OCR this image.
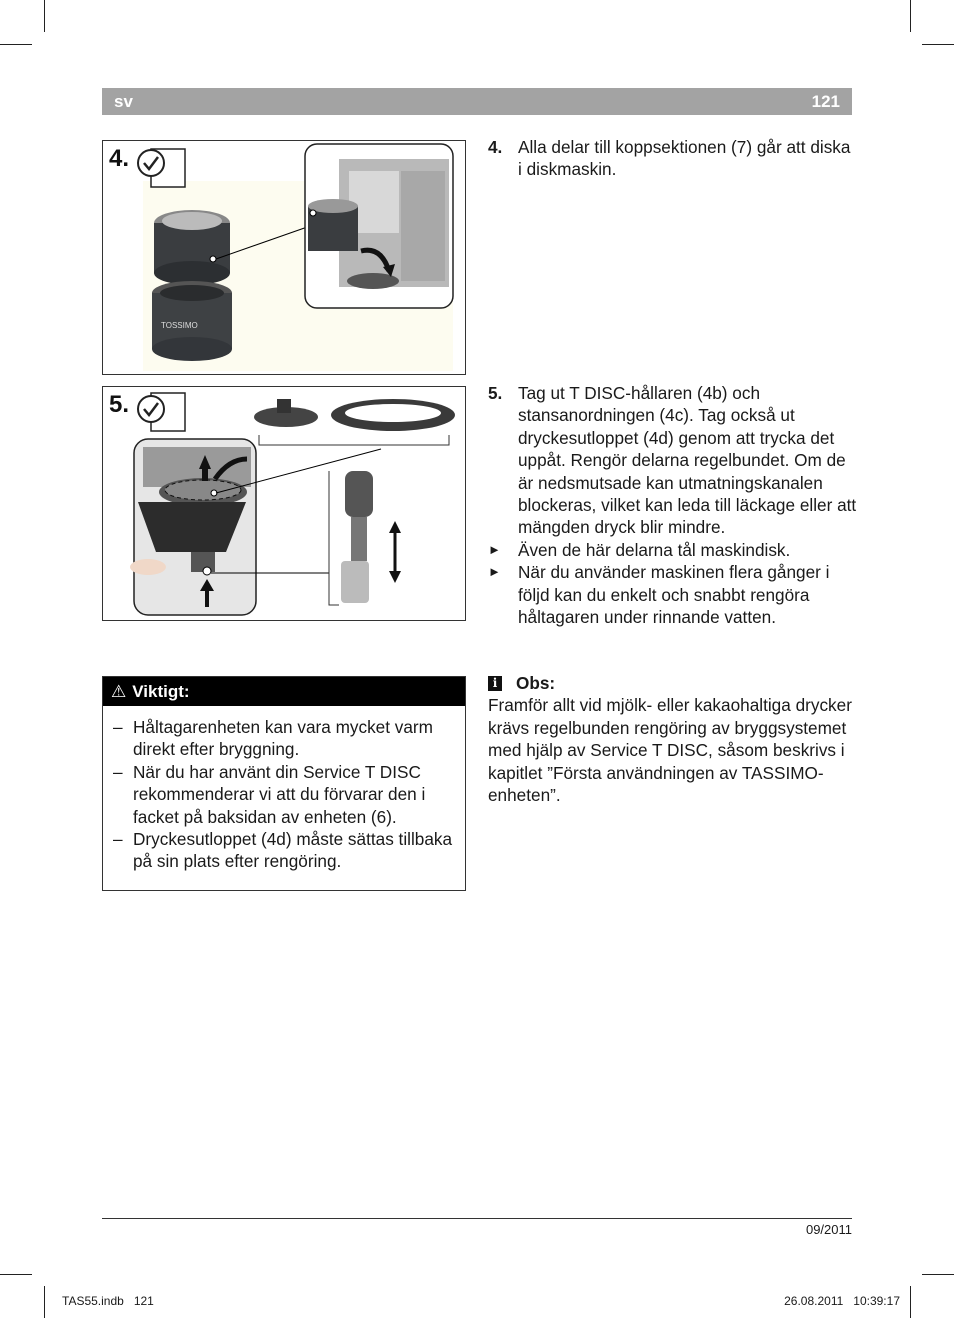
sv	121
TOSSIMO
4.
5.
4. Alla delar till koppsektionen (7) går att diska i diskmaskin.
5. Tag ut T DISC-hållaren (4b) och stansanordningen (4c). Tag också ut dryckesutloppet (4d) genom att trycka det uppåt. Rengör delarna regelbundet. Om de är nedsmutsade kan utmatningskanalen blockeras, vilket kan leda till läckage eller att mängden dryck blir mindre.
► Även de här delarna tål maskindisk.
► När du använder maskinen flera gånger i följd kan du enkelt och snabbt rengöra håltagaren under rinnande vatten.
⚠ Viktigt:
– Håltagarenheten kan vara mycket varm direkt efter bryggning.
– När du har använt din Service T DISC rekommenderar vi att du förvarar den i facket på baksidan av enheten (6).
– Dryckesutloppet (4d) måste sättas tillbaka på sin plats efter rengöring.
i Obs:
Framför allt vid mjölk- eller kakaohaltiga drycker krävs regelbunden rengöring av bryggsystemet med hjälp av Service T DISC, såsom beskrivs i kapitlet ”Första användningen av TASSIMO-enheten”.
09/2011
TAS55.indb   121	26.08.2011   10:39:17
